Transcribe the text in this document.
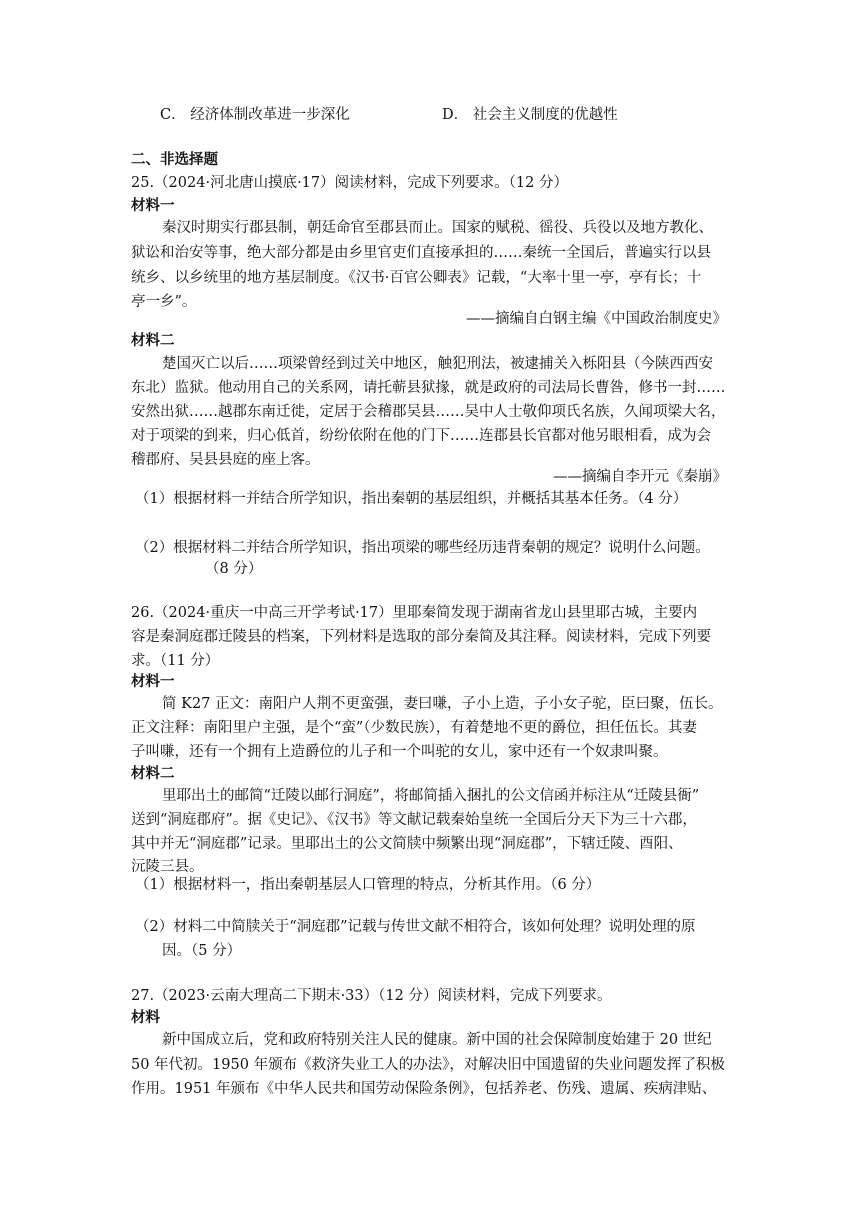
C． 经济体制改革进一步深化	D． 社会主义制度的优越性
二、非选择题
25.（2024·河北唐山摸底·17）阅读材料，完成下列要求。（12 分）
材料一
秦汉时期实行郡县制，朝廷命官至郡县而止。国家的赋税、徭役、兵役以及地方教化、
狱讼和治安等事，绝大部分都是由乡里官吏们直接承担的……秦统一全国后，普遍实行以县
统乡、以乡统里的地方基层制度。《汉书·百官公卿表》记载，“大率十里一亭，亭有长；十
亭一乡”。
——摘编自白钢主编《中国政治制度史》
材料二
楚国灭亡以后……项梁曾经到过关中地区，触犯刑法，被逮捕关入栎阳县（今陕西西安
东北）监狱。他动用自己的关系网，请托蕲县狱掾，就是政府的司法局长曹咎，修书一封……
安然出狱……越郡东南迁徙，定居于会稽郡吴县……吴中人士敬仰项氏名族，久闻项梁大名，
对于项梁的到来，归心低首，纷纷依附在他的门下……连郡县长官都对他另眼相看，成为会
稽郡府、吴县县庭的座上客。
——摘编自李开元《秦崩》
（1）根据材料一并结合所学知识，指出秦朝的基层组织，并概括其基本任务。（4 分）
（2）根据材料二并结合所学知识，指出项梁的哪些经历违背秦朝的规定？说明什么问题。
（8 分）
26.（2024·重庆一中高三开学考试·17）里耶秦简发现于湖南省龙山县里耶古城，主要内
容是秦洞庭郡迁陵县的档案，下列材料是选取的部分秦简及其注释。阅读材料，完成下列要
求。（11 分）
材料一
简 K27 正文：南阳户人荆不更蛮强，妻曰嗛，子小上造，子小女子驼，臣曰聚，伍长。
正文注释：南阳里户主强，是个“蛮”（少数民族），有着楚地不更的爵位，担任伍长。其妻
子叫嗛，还有一个拥有上造爵位的儿子和一个叫驼的女儿，家中还有一个奴隶叫聚。
材料二
里耶出土的邮简“迁陵以邮行洞庭”，将邮简插入捆扎的公文信函并标注从“迁陵县衙”
送到“洞庭郡府”。据《史记》、《汉书》等文献记载秦始皇统一全国后分天下为三十六郡，
其中并无“洞庭郡”记录。里耶出土的公文简牍中频繁出现“洞庭郡”，下辖迁陵、酉阳、
沅陵三县。
（1）根据材料一，指出秦朝基层人口管理的特点，分析其作用。（6 分）
（2）材料二中简牍关于“洞庭郡”记载与传世文献不相符合，该如何处理？说明处理的原
因。（5 分）
27.（2023·云南大理高二下期末·33）（12 分）阅读材料，完成下列要求。
材料
新中国成立后，党和政府特别关注人民的健康。新中国的社会保障制度始建于 20 世纪
50 年代初。1950 年颁布《救济失业工人的办法》，对解决旧中国遗留的失业问题发挥了积极
作用。1951 年颁布《中华人民共和国劳动保险条例》，包括养老、伤残、遗属、疾病津贴、
